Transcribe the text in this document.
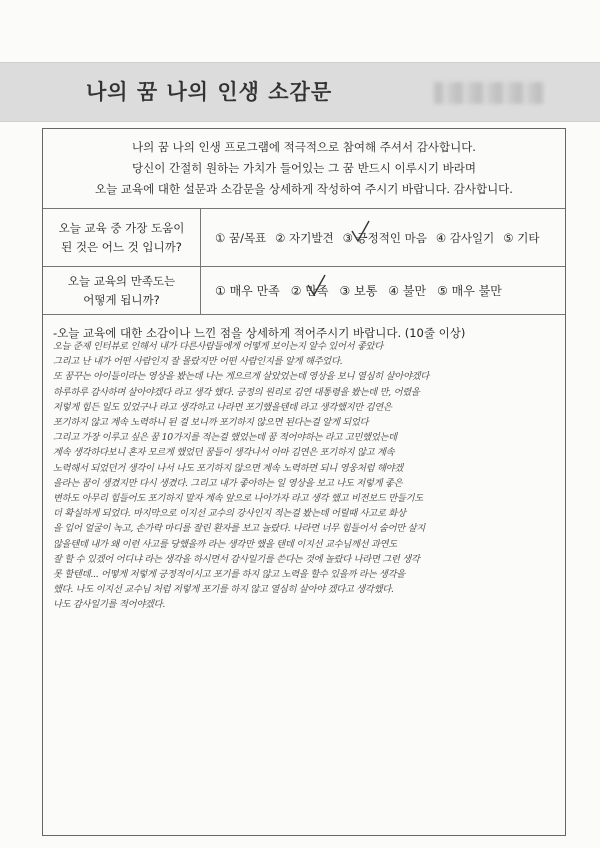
나의 꿈 나의 인생 소감문
나의 꿈 나의 인생 프로그램에 적극적으로 참여해 주셔서 감사합니다.
당신이 간절히 원하는 가치가 들어있는 그 꿈 반드시 이루시기 바라며
오늘 교육에 대한 설문과 소감문을 상세하게 작성하여 주시기 바랍니다. 감사합니다.
오늘 교육 중 가장 도움이
된 것은 어느 것 입니까?
① 꿈/목표 ② 자기발견 ③ 긍정적인 마음 ④ 감사일기 ⑤ 기타
오늘 교육의 만족도는
어떻게 됩니까?
① 매우 만족 ② 만족 ③ 보통 ④ 불만 ⑤ 매우 불만
-오늘 교육에 대한 소감이나 느낀 점을 상세하게 적어주시기 바랍니다. (10줄 이상)
오늘 준제 인터뷰로 인해서 내가 다른사람들에게 어떻게 보이는지 알수 있어서 좋았다
그리고 난 내가 어떤 사람인지 잘 몰랐지만 어떤 사람인지를 알게 해주었다.
또 꿈꾸는 아이들이라는 영상을 봤는데 나는 게으르게 살았었는데 영상을 보니 열심히 살아야겠다
하루하루 감사하며 살아야겠다 라고 생각 했다. 긍정의 원리로 김연 대통령을 봤는데 만, 어렸을
저렇게 힘든 일도 있었구나 라고 생각하고 나라면 포기했을텐데 라고 생각했지만 김연은
포기하지 않고 계속 노력하니 된 걸 보니까 포기하지 않으면 된다는걸 알게 되었다
그리고 가장 이루고 싶은 꿈 10가지를 적는걸 했었는데 꿈 적어야하는 라고 고민했었는데
계속 생각하다보니 혼자 모르게 했었던 꿈들이 생각나서 아마 김연은 포기하지 않고 계속
노력해서 되었던거 생각이 나서 나도 포기하지 않으면 계속 노력하면 되니 영웅처럼 해야겠
을라는 꿈이 생겼지만 다시 생겼다. 그리고 내가 좋아하는 일 영상을 보고 나도 저렇게 좋은
변하도 아무리 힘들어도 포기하지 말자 계속 앞으로 나아가자 라고 생각 했고 비전보드 만들기도
더 확실하게 되었다. 마지막으로 이지선 교수의 강사인지 적는걸 봤는데 어릴때 사고로 화상
을 입어 얼굴이 녹고, 손가락 마디를 잘린 환자를 보고 놀랐다. 나라면 너무 힘들어서 숨어만 살지
않을텐데 내가 왜 이런 사고를 당했을까 라는 생각만 했을 텐데 이지선 교수님께선 과연도
잘 할 수 있겠어 어디냐 라는 생각을 하시면서 감사일기를 쓴다는 것에 놀랐다 나라면 그런 생각
못 할텐데... 어떻게 저렇게 긍정적이시고 포기를 하지 않고 노력을 할수 있을까 라는 생각을
했다. 나도 이지선 교수님 처럼 저렇게 포기를 하지 않고 열심히 살아야 겠다고 생각했다.
나도 감사일기를 적어야겠다.
